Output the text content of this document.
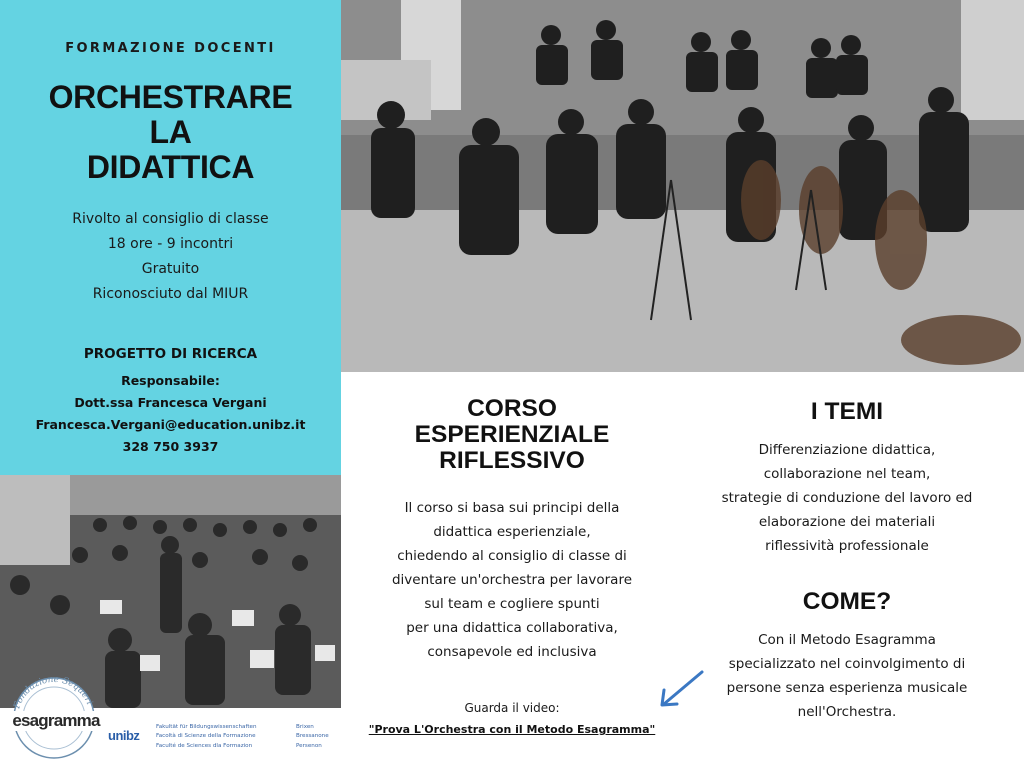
FORMAZIONE DOCENTI
ORCHESTRARE
LA
DIDATTICA
Rivolto al consiglio di classe
18 ore - 9 incontri
Gratuito
Riconosciuto dal MIUR
PROGETTO DI RICERCA
Responsabile:
Dott.ssa Francesca Vergani
Francesca.Vergani@education.unibz.it
328 750 3937
CORSO
ESPERIENZIALE
RIFLESSIVO
Il corso si basa sui principi della
didattica esperienziale,
chiedendo al consiglio di classe di
diventare un'orchestra per lavorare
sul team e cogliere spunti
per una didattica collaborativa,
consapevole ed inclusiva
Guarda il video:
"Prova L'Orchestra con il Metodo Esagramma"
I TEMI
Differenziazione didattica,
collaborazione nel team,
strategie di conduzione del lavoro ed
elaborazione dei materiali
riflessività professionale
COME?
Con il Metodo Esagramma
specializzato nel coinvolgimento di
persone senza esperienza musicale
nell'Orchestra.
Fondazione Sequeri
esagramma
unibz
Fakultät für Bildungswissenschaften
Facoltà di Scienze della Formazione
Faculté de Sciences dla Formazion
Brixen
Bressanone
Persenon
